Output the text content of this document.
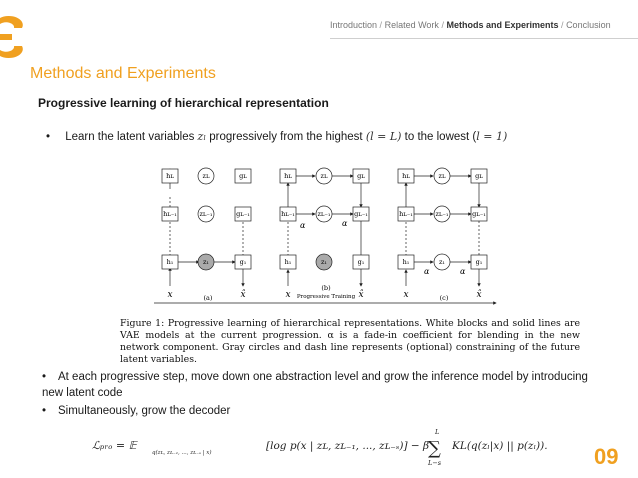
Introduction / Related Work / Methods and Experiments / Conclusion
Methods and Experiments
Progressive learning of hierarchical representation
• Learn the latent variables zₗ progressively from the highest (l = L) to the lowest (l = 1)
hʟ	zʟ	gʟ
hʟ₋₁	zʟ₋₁	gʟ₋₁
h₁	z₁	g₁
x	x̂
(a)
hʟ	zʟ	gʟ
hʟ₋₁	zʟ₋₁	gʟ₋₁
h₁	z₁	g₁
α	α
x	x̂
(b)
hʟ	zʟ	gʟ
hʟ₋₁	zʟ₋₁	gʟ₋₁
h₁	z₁	g₁
α	α
x	x̂
(c)
Progressive Training
Figure 1: Progressive learning of hierarchical representations. White blocks and solid lines are VAE models at the current progression. α is a fade-in coefficient for blending in the new network component. Gray circles and dash line represents (optional) constraining of the future latent variables.
• At each progressive step, move down one abstraction level and grow the inference model by introducing new latent code
• Simultaneously, grow the decoder
ℒₚᵣₒ = 𝔼
q(zʟ, zʟ₋₁, ..., zʟ₋ₛ | x)
[log p(x | zʟ, zʟ₋₁, ..., zʟ₋ₛ)] − β
L
∑
L−s
KL(q(zₗ|x) || p(zₗ)). 09
